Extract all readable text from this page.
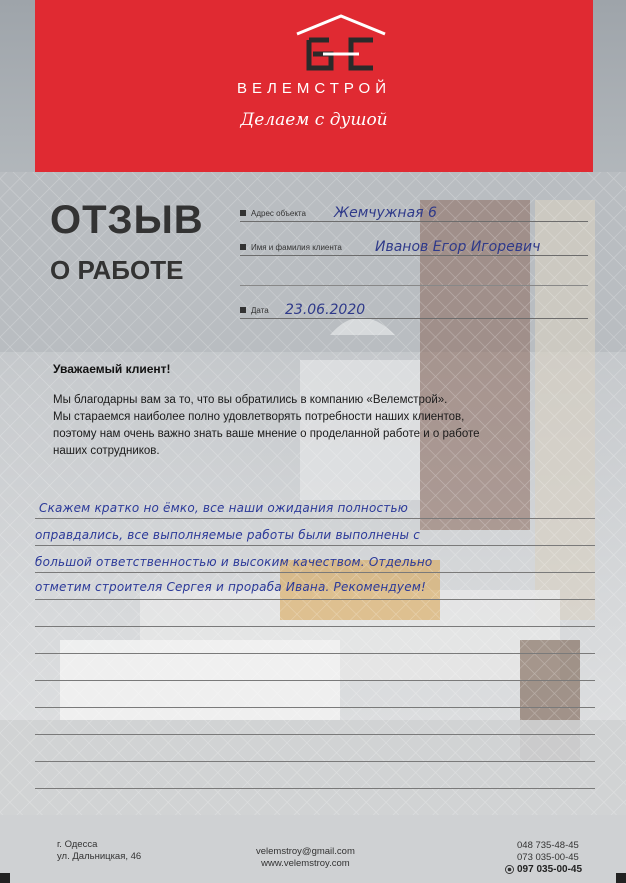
ВЕЛЕМСТРОЙ
Делаем с душой
ОТЗЫВ
О РАБОТЕ
Адрес объекта Жемчужная 6
Имя и фамилия клиента Иванов Егор Игоревич
Дата 23.06.2020
Уважаемый клиент!
Мы благодарны вам за то, что вы обратились в компанию «Велемстрой».
Мы стараемся наиболее полно удовлетворять потребности наших клиентов,
поэтому нам очень важно знать ваше мнение о проделанной работе и о работе
наших сотрудников.
Скажем кратко но ёмко, все наши ожидания полностью
оправдались, все выполняемые работы были выполнены с
большой ответственностью и высоким качеством. Отдельно
отметим строителя Сергея и прораба Ивана. Рекомендуем!
г. Одесса
ул. Дальницкая, 46	velemstroy@gmail.com
www.velemstroy.com
048 735-48-45
073 035-00-45
097 035-00-45
